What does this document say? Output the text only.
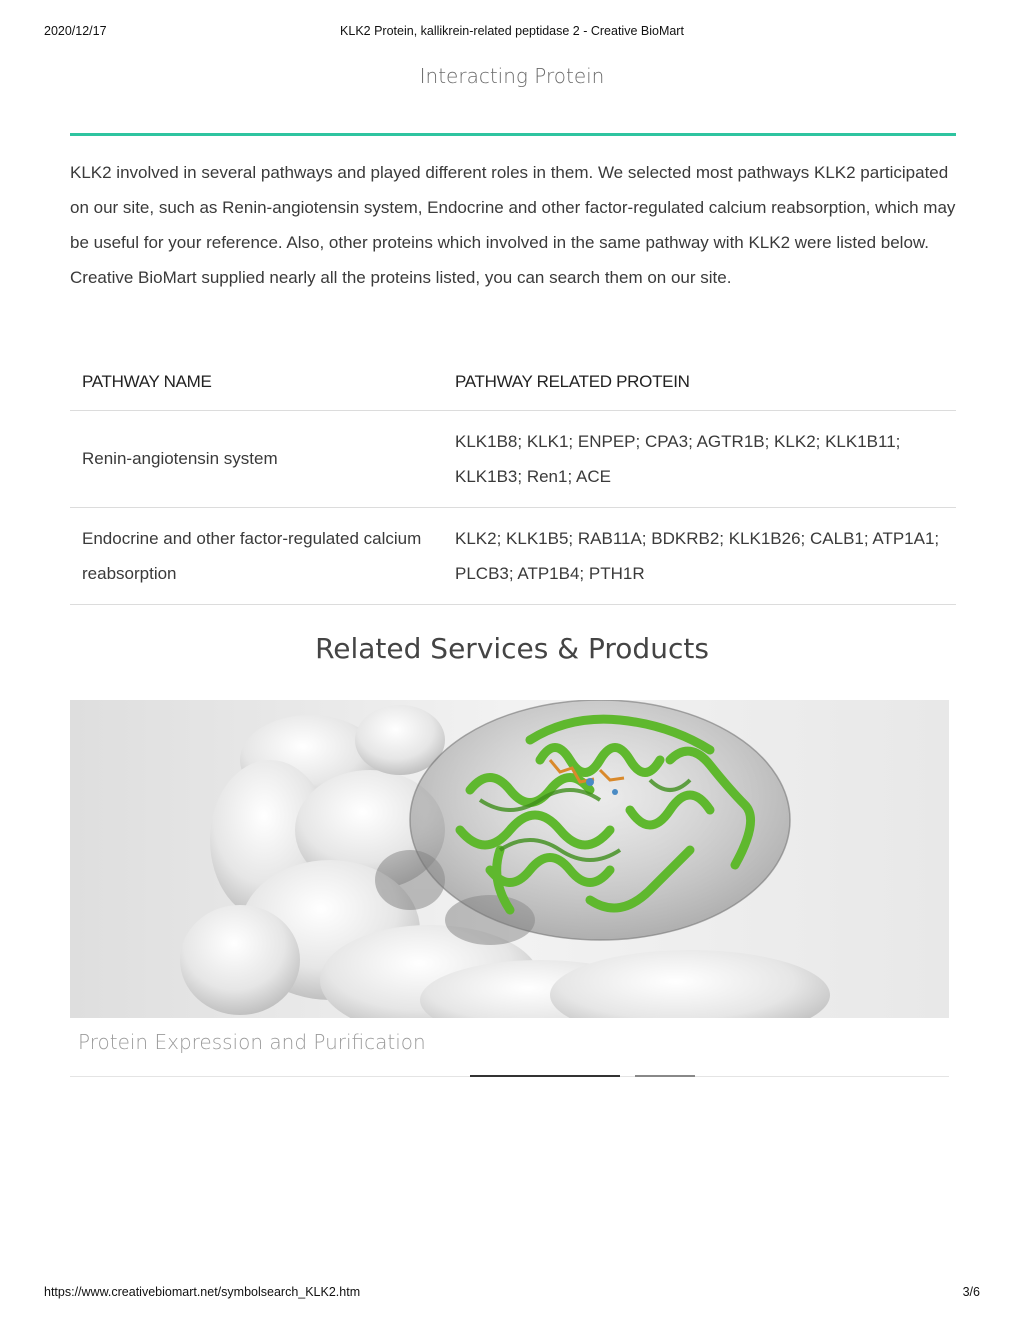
2020/12/17	KLK2 Protein, kallikrein-related peptidase 2 - Creative BioMart
Interacting Protein

KLK2 involved in several pathways and played different roles in them. We selected most pathways KLK2 participated on our site, such as Renin-angiotensin system, Endocrine and other factor-regulated calcium reabsorption, which may be useful for your reference. Also, other proteins which involved in the same pathway with KLK2 were listed below. Creative BioMart supplied nearly all the proteins listed, you can search them on our site.

PATHWAY NAME	PATHWAY RELATED PROTEIN
Renin-angiotensin system	KLK1B8; KLK1; ENPEP; CPA3; AGTR1B; KLK2; KLK1B11; KLK1B3; Ren1; ACE
Endocrine and other factor-regulated calcium reabsorption	KLK2; KLK1B5; RAB11A; BDKRB2; KLK1B26; CALB1; ATP1A1; PLCB3; ATP1B4; PTH1R
Related Services & Products
Protein Expression and Purification
https://www.creativebiomart.net/symbolsearch_KLK2.htm	3/6
